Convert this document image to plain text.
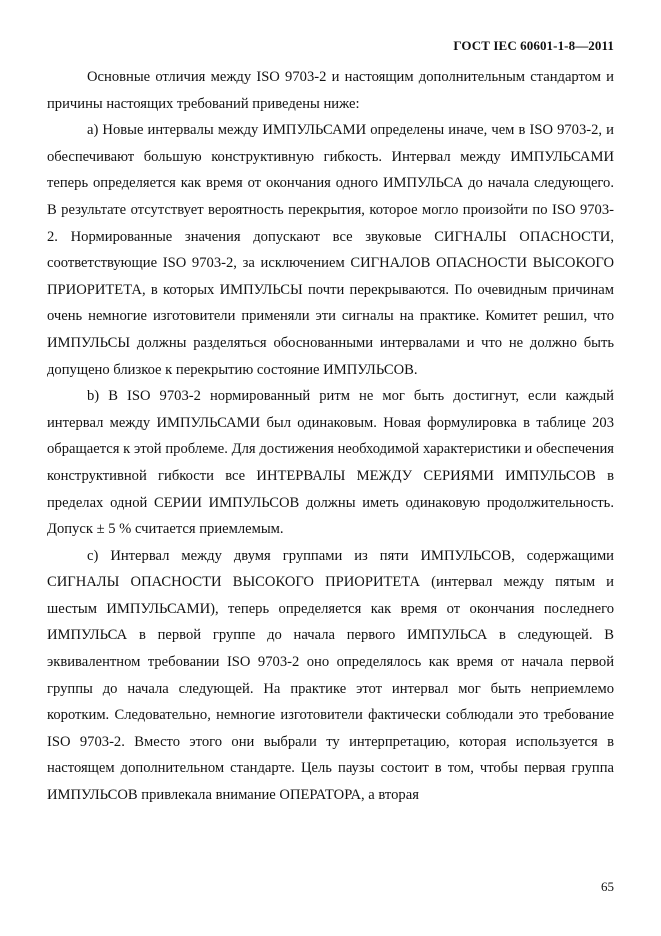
ГОСТ IEC 60601-1-8—2011

Основные отличия между ISO 9703-2 и настоящим дополнительным стандартом и причины настоящих требований приведены ниже:

a) Новые интервалы между ИМПУЛЬСАМИ определены иначе, чем в ISO 9703-2, и обеспечивают большую конструктивную гибкость. Интервал между ИМПУЛЬСАМИ теперь определяется как время от окончания одного ИМПУЛЬСА до начала следующего. В результате отсутствует вероятность перекрытия, которое могло произойти по ISO 9703-2. Нормированные значения допускают все звуковые СИГНАЛЫ ОПАСНОСТИ, соответствующие ISO 9703-2, за исключением СИГНАЛОВ ОПАСНОСТИ ВЫСОКОГО ПРИОРИТЕТА, в которых ИМПУЛЬСЫ почти перекрываются. По очевидным причинам очень немногие изготовители применяли эти сигналы на практике. Комитет решил, что ИМПУЛЬСЫ должны разделяться обоснованными интервалами и что не должно быть допущено близкое к перекрытию состояние ИМПУЛЬСОВ.

b) В ISO 9703-2 нормированный ритм не мог быть достигнут, если каждый интервал между ИМПУЛЬСАМИ был одинаковым. Новая формулировка в таблице 203 обращается к этой проблеме. Для достижения необходимой характеристики и обеспечения конструктивной гибкости все ИНТЕРВАЛЫ МЕЖДУ СЕРИЯМИ ИМПУЛЬСОВ в пределах одной СЕРИИ ИМПУЛЬСОВ должны иметь одинаковую продолжительность. Допуск ± 5 % считается приемлемым.

c) Интервал между двумя группами из пяти ИМПУЛЬСОВ, содержащими СИГНАЛЫ ОПАСНОСТИ ВЫСОКОГО ПРИОРИТЕТА (интервал между пятым и шестым ИМПУЛЬСАМИ), теперь определяется как время от окончания последнего ИМПУЛЬСА в первой группе до начала первого ИМПУЛЬСА в следующей. В эквивалентном требовании ISO 9703-2 оно определялось как время от начала первой группы до начала следующей. На практике этот интервал мог быть неприемлемо коротким. Следовательно, немногие изготовители фактически соблюдали это требование ISO 9703-2. Вместо этого они выбрали ту интерпретацию, которая используется в настоящем дополнительном стандарте. Цель паузы состоит в том, чтобы первая группа ИМПУЛЬСОВ привлекала внимание ОПЕРАТОРА, а вторая

65
